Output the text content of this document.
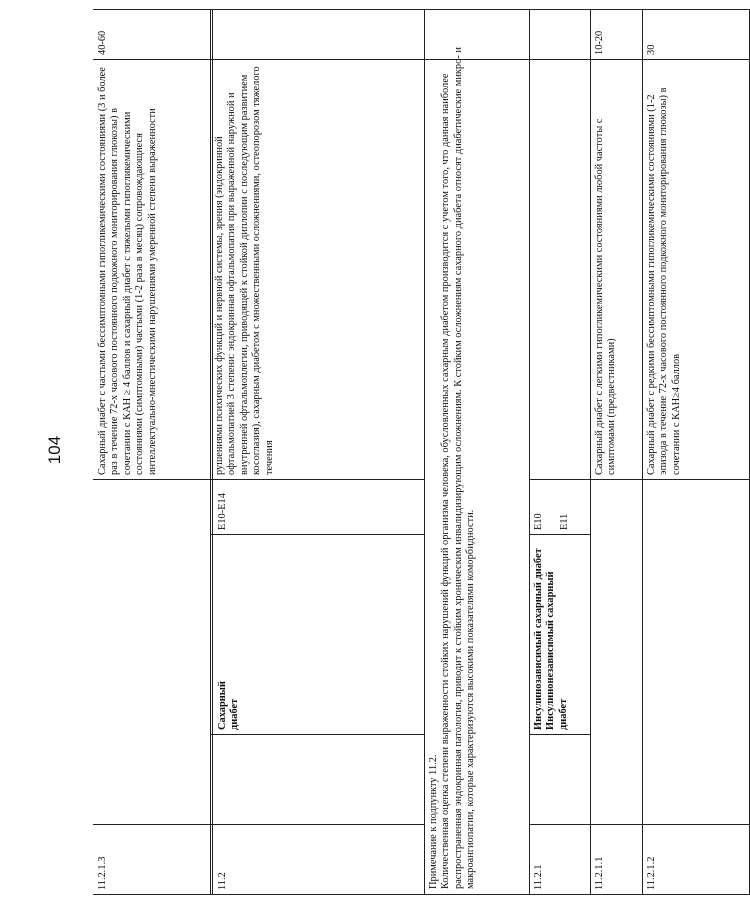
104	рушениями психических функций и нервной системы, зрения (эндокринной офтальмопатией 3 степени: эндокринная офтальмопатия при выраженной наружной и внутренней офтальмоплегии, приводящей к стойкой диплопии с последующим развитием косоглазия), сахарным диабетом с множественными осложнениями, остеопорозом тяжелого течения
11.2
Сахарный диабет
E10-E14
Примечание к подпункту 11.2. Количественная оценка степени выраженности стойких нарушений функций организма человека, обусловленных сахарным диабетом производится с учетом того, что данная наиболее распространенная эндокринная патология, приводит к стойким хроническим инвалидизирующим осложнениям. К стойким осложнениям сахарного диабета относят диабетические микро- и макроангиопатии, которые характеризуются высокими показателями коморбидности.	11.2.1
Инсулинозависимый сахарный диабет Инсулинонезависимый сахарный диабет
E10 E11
11.2.1.1
Сахарный диабет с легкими гипогликемическими состояниями любой частоты с симптомами (предвестниками)
10-20
11.2.1.2
Сахарный диабет с редкими бессимптомными гипогликемическими состояниями (1-2 эпизода в течение 72-х часового постоянного подкожного мониторирования глюкозы) в сочетании с КАН≥4 баллов
30
11.2.1.3
Сахарный диабет с частыми бессимптомными гипогликемическими состояниями (3 и более раз в течение 72-х часового постоянного подкожного мониторирования глюкозы) в сочетании с КАН ≥ 4 баллов и сахарный диабет с тяжелыми гипогликемическими состояниями (симптомными) частыми (1-2 раза в месяц) сопровождающиеся интеллектуально-мнестическими нарушениями умеренной степени выраженности
40-60
